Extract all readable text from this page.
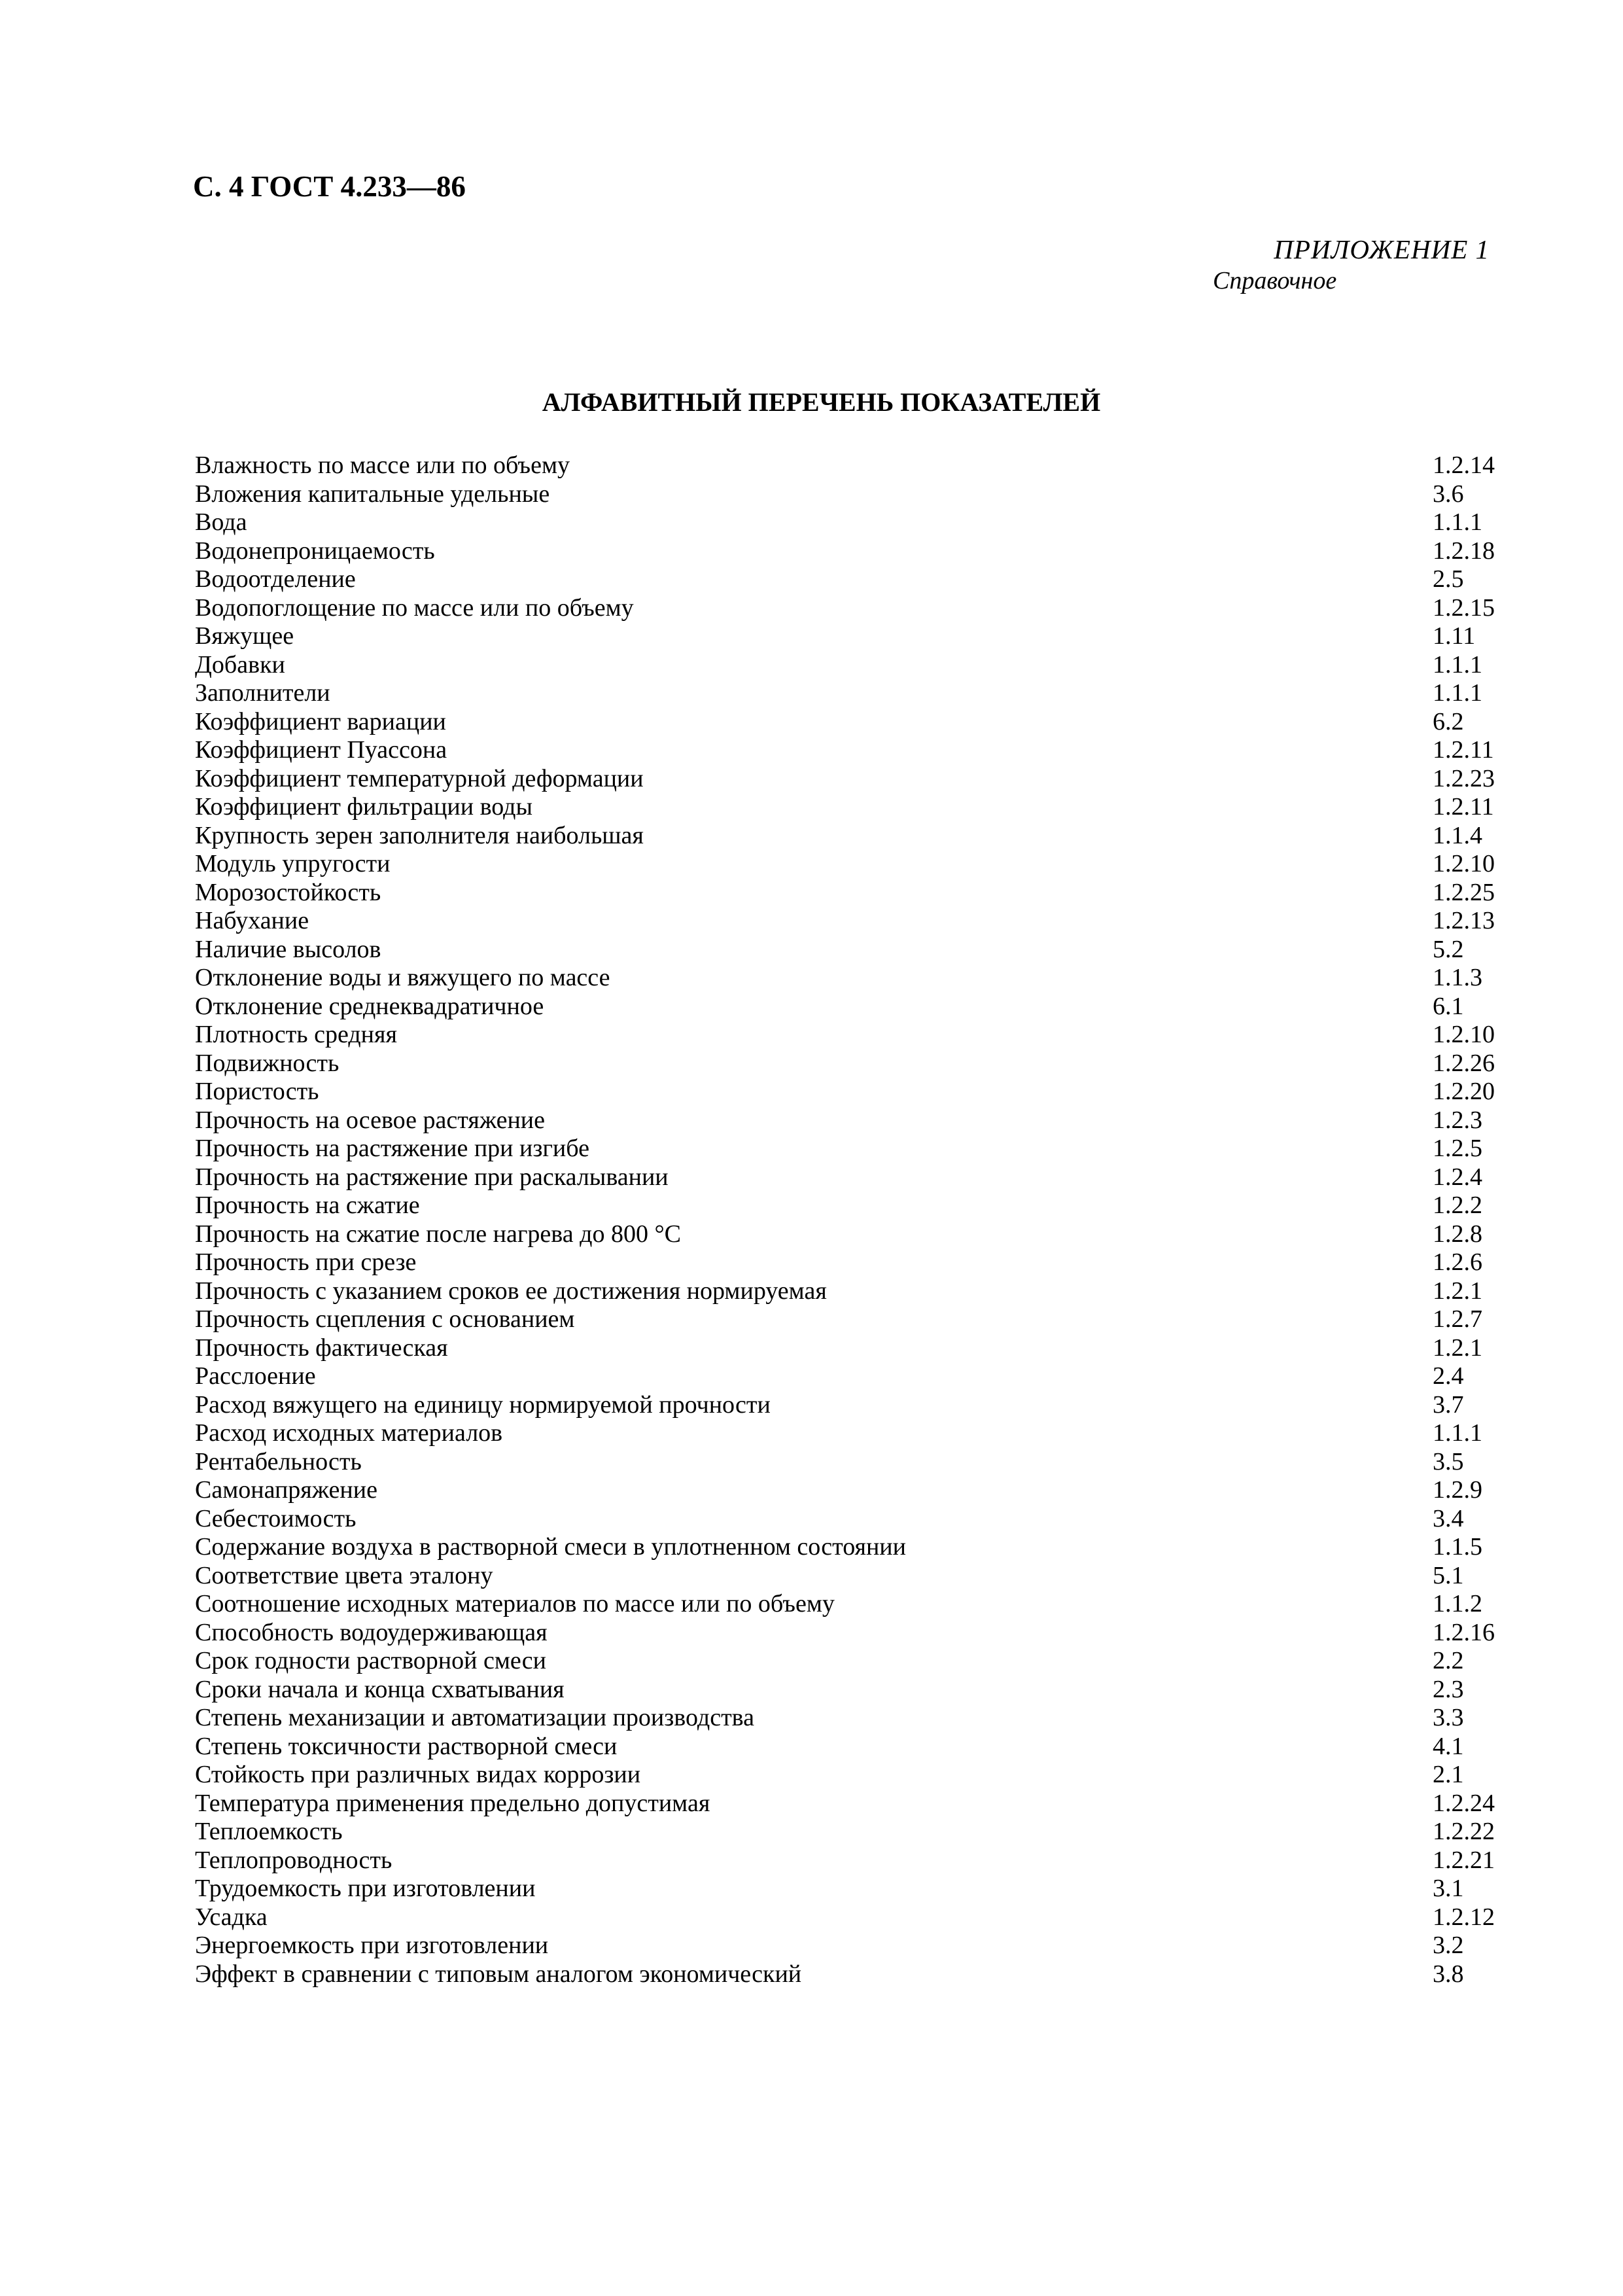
С. 4 ГОСТ 4.233—86
ПРИЛОЖЕНИЕ 1
Справочное
АЛФАВИТНЫЙ ПЕРЕЧЕНЬ ПОКАЗАТЕЛЕЙ
Влажность по массе или по объему	1.2.14
Вложения капитальные удельные	3.6
Вода	1.1.1
Водонепроницаемость	1.2.18
Водоотделение	2.5
Водопоглощение по массе или по объему	1.2.15
Вяжущее	1.11
Добавки	1.1.1
Заполнители	1.1.1
Коэффициент вариации	6.2
Коэффициент Пуассона	1.2.11
Коэффициент температурной деформации	1.2.23
Коэффициент фильтрации воды	1.2.11
Крупность зерен заполнителя наибольшая	1.1.4
Модуль упругости	1.2.10
Морозостойкость	1.2.25
Набухание	1.2.13
Наличие высолов	5.2
Отклонение воды и вяжущего по массе	1.1.3
Отклонение среднеквадратичное	6.1
Плотность средняя	1.2.10
Подвижность	1.2.26
Пористость	1.2.20
Прочность на осевое растяжение	1.2.3
Прочность на растяжение при изгибе	1.2.5
Прочность на растяжение при раскалывании	1.2.4
Прочность на сжатие	1.2.2
Прочность на сжатие после нагрева до 800 °С	1.2.8
Прочность при срезе	1.2.6
Прочность с указанием сроков ее достижения нормируемая	1.2.1
Прочность сцепления с основанием	1.2.7
Прочность фактическая	1.2.1
Расслоение	2.4
Расход вяжущего на единицу нормируемой прочности	3.7
Расход исходных материалов	1.1.1
Рентабельность	3.5
Самонапряжение	1.2.9
Себестоимость	3.4
Содержание воздуха в растворной смеси в уплотненном состоянии	1.1.5
Соответствие цвета эталону	5.1
Соотношение исходных материалов по массе или по объему	1.1.2
Способность водоудерживающая	1.2.16
Срок годности растворной смеси	2.2
Сроки начала и конца схватывания	2.3
Степень механизации и автоматизации производства	3.3
Степень токсичности растворной смеси	4.1
Стойкость при различных видах коррозии	2.1
Температура применения предельно допустимая	1.2.24
Теплоемкость	1.2.22
Теплопроводность	1.2.21
Трудоемкость при изготовлении	3.1
Усадка	1.2.12
Энергоемкость при изготовлении	3.2
Эффект в сравнении с типовым аналогом экономический	3.8
